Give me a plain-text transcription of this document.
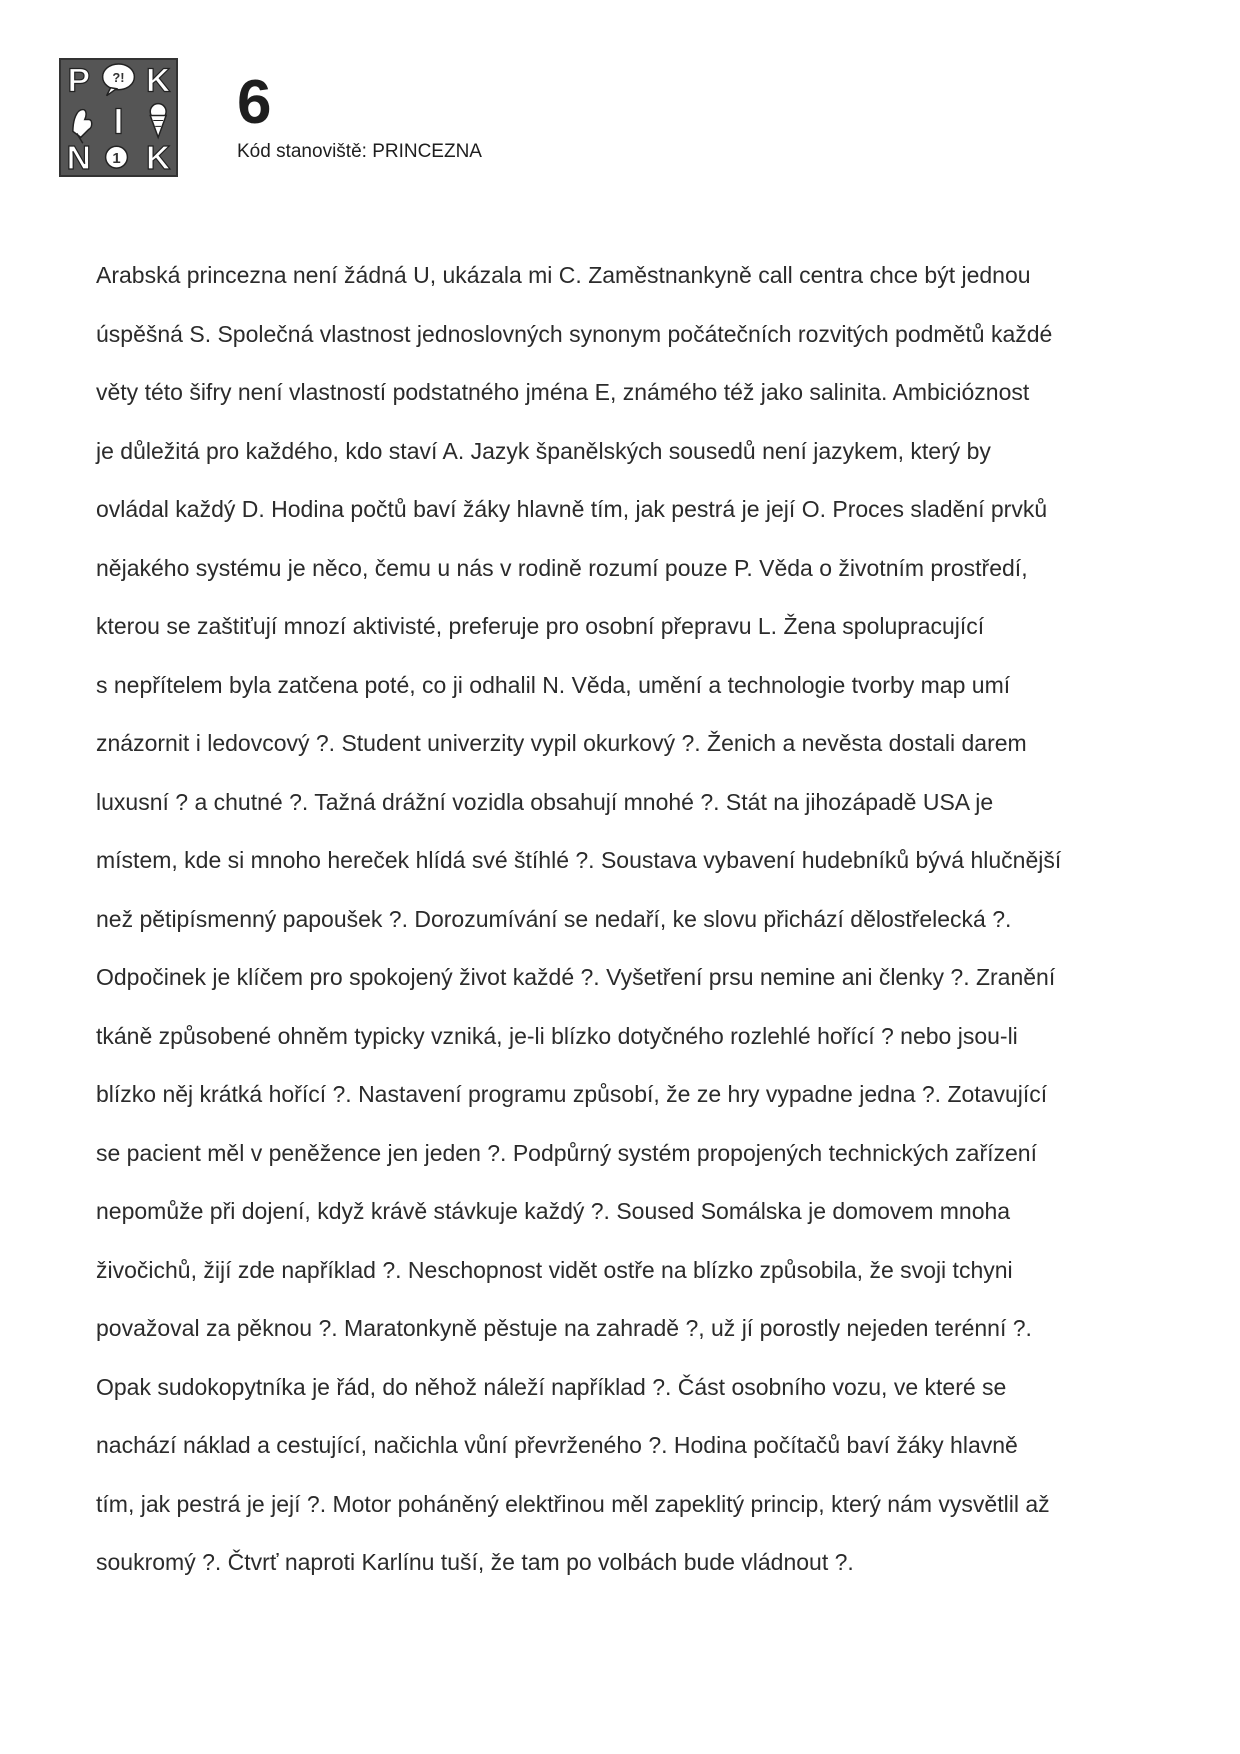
P ?! K
I
N 1 K
6
Kód stanoviště: PRINCEZNA
Arabská princezna není žádná U, ukázala mi C. Zaměstnankyně call centra chce být jednou
úspěšná S. Společná vlastnost jednoslovných synonym počátečních rozvitých podmětů každé
věty této šifry není vlastností podstatného jména E, známého též jako salinita. Ambicióznost
je důležitá pro každého, kdo staví A. Jazyk španělských sousedů není jazykem, který by
ovládal každý D. Hodina počtů baví žáky hlavně tím, jak pestrá je její O. Proces sladění prvků
nějakého systému je něco, čemu u nás v rodině rozumí pouze P. Věda o životním prostředí,
kterou se zaštiťují mnozí aktivisté, preferuje pro osobní přepravu L. Žena spolupracující
s nepřítelem byla zatčena poté, co ji odhalil N. Věda, umění a technologie tvorby map umí
znázornit i ledovcový ?. Student univerzity vypil okurkový ?. Ženich a nevěsta dostali darem
luxusní ? a chutné ?. Tažná drážní vozidla obsahují mnohé ?. Stát na jihozápadě USA je
místem, kde si mnoho hereček hlídá své štíhlé ?. Soustava vybavení hudebníků bývá hlučnější
než pětipísmenný papoušek ?. Dorozumívání se nedaří, ke slovu přichází dělostřelecká ?.
Odpočinek je klíčem pro spokojený život každé ?. Vyšetření prsu nemine ani členky ?. Zranění
tkáně způsobené ohněm typicky vzniká, je-li blízko dotyčného rozlehlé hořící ? nebo jsou-li
blízko něj krátká hořící ?. Nastavení programu způsobí, že ze hry vypadne jedna ?. Zotavující
se pacient měl v peněžence jen jeden ?. Podpůrný systém propojených technických zařízení
nepomůže při dojení, když krávě stávkuje každý ?. Soused Somálska je domovem mnoha
živočichů, žijí zde například ?. Neschopnost vidět ostře na blízko způsobila, že svoji tchyni
považoval za pěknou ?. Maratonkyně pěstuje na zahradě ?, už jí porostly nejeden terénní ?.
Opak sudokopytníka je řád, do něhož náleží například ?. Část osobního vozu, ve které se
nachází náklad a cestující, načichla vůní převrženého ?. Hodina počítačů baví žáky hlavně
tím, jak pestrá je její ?. Motor poháněný elektřinou měl zapeklitý princip, který nám vysvětlil až
soukromý ?. Čtvrť naproti Karlínu tuší, že tam po volbách bude vládnout ?.
